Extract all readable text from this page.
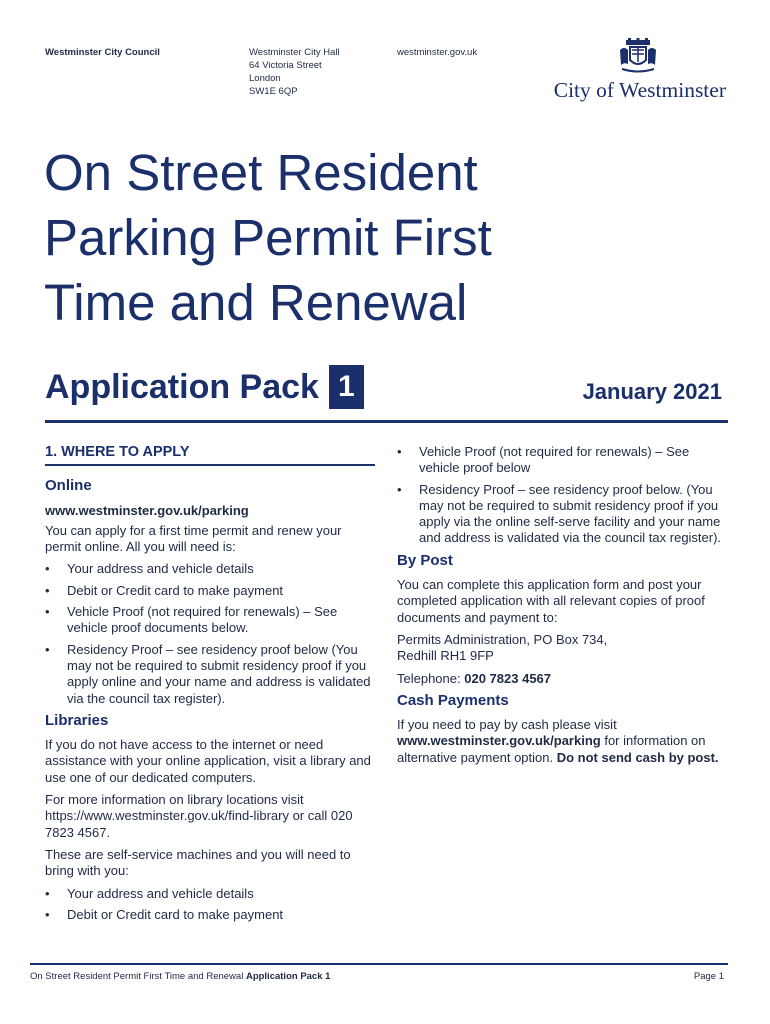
Westminster City Council	Westminster City Hall
64 Victoria Street
London
SW1E 6QP
westminster.gov.uk
City of Westminster
On Street Resident
Parking Permit First
Time and Renewal
Application Pack 1	January 2021
1. WHERE TO APPLY
Online
www.westminster.gov.uk/parking

You can apply for a first time permit and renew your permit online. All you will need is:

• Your address and vehicle details
• Debit or Credit card to make payment
• Vehicle Proof (not required for renewals) – See vehicle proof documents below.
• Residency Proof – see residency proof below (You may not be required to submit residency proof if you apply online and your name and address is validated via the council tax register).
Libraries

If you do not have access to the internet or need assistance with your online application, visit a library and use one of our dedicated computers.

For more information on library locations visit https://www.westminster.gov.uk/find-library or call 020 7823 4567.

These are self-service machines and you will need to bring with you:

• Your address and vehicle details
• Debit or Credit card to make payment
• Vehicle Proof (not required for renewals) – See vehicle proof below
• Residency Proof – see residency proof below. (You may not be required to submit residency proof if you apply via the online self-serve facility and your name and address is validated via the council tax register).
By Post

You can complete this application form and post your completed application with all relevant copies of proof documents and payment to:

Permits Administration, PO Box 734,
Redhill RH1 9FP

Telephone: 020 7823 4567

Cash Payments

If you need to pay by cash please visit www.westminster.gov.uk/parking for information on alternative payment option. Do not send cash by post.

On Street Resident Permit First Time and Renewal Application Pack 1	Page 1
